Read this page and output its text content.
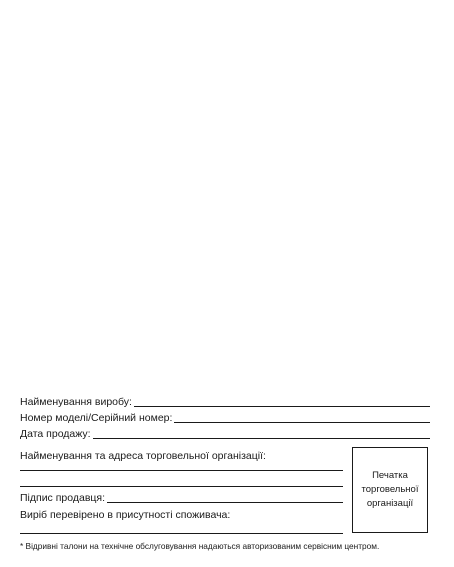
Найменування виробу:
Номер моделі/Серійний номер:
Дата продажу:
Найменування та адреса торговельної організації:
Підпис продавця:
Виріб перевірено в присутності споживача:
Печатка
торговельної
організації
* Відривні талони на технічне обслуговування надаються авторизованим сервісним центром.
